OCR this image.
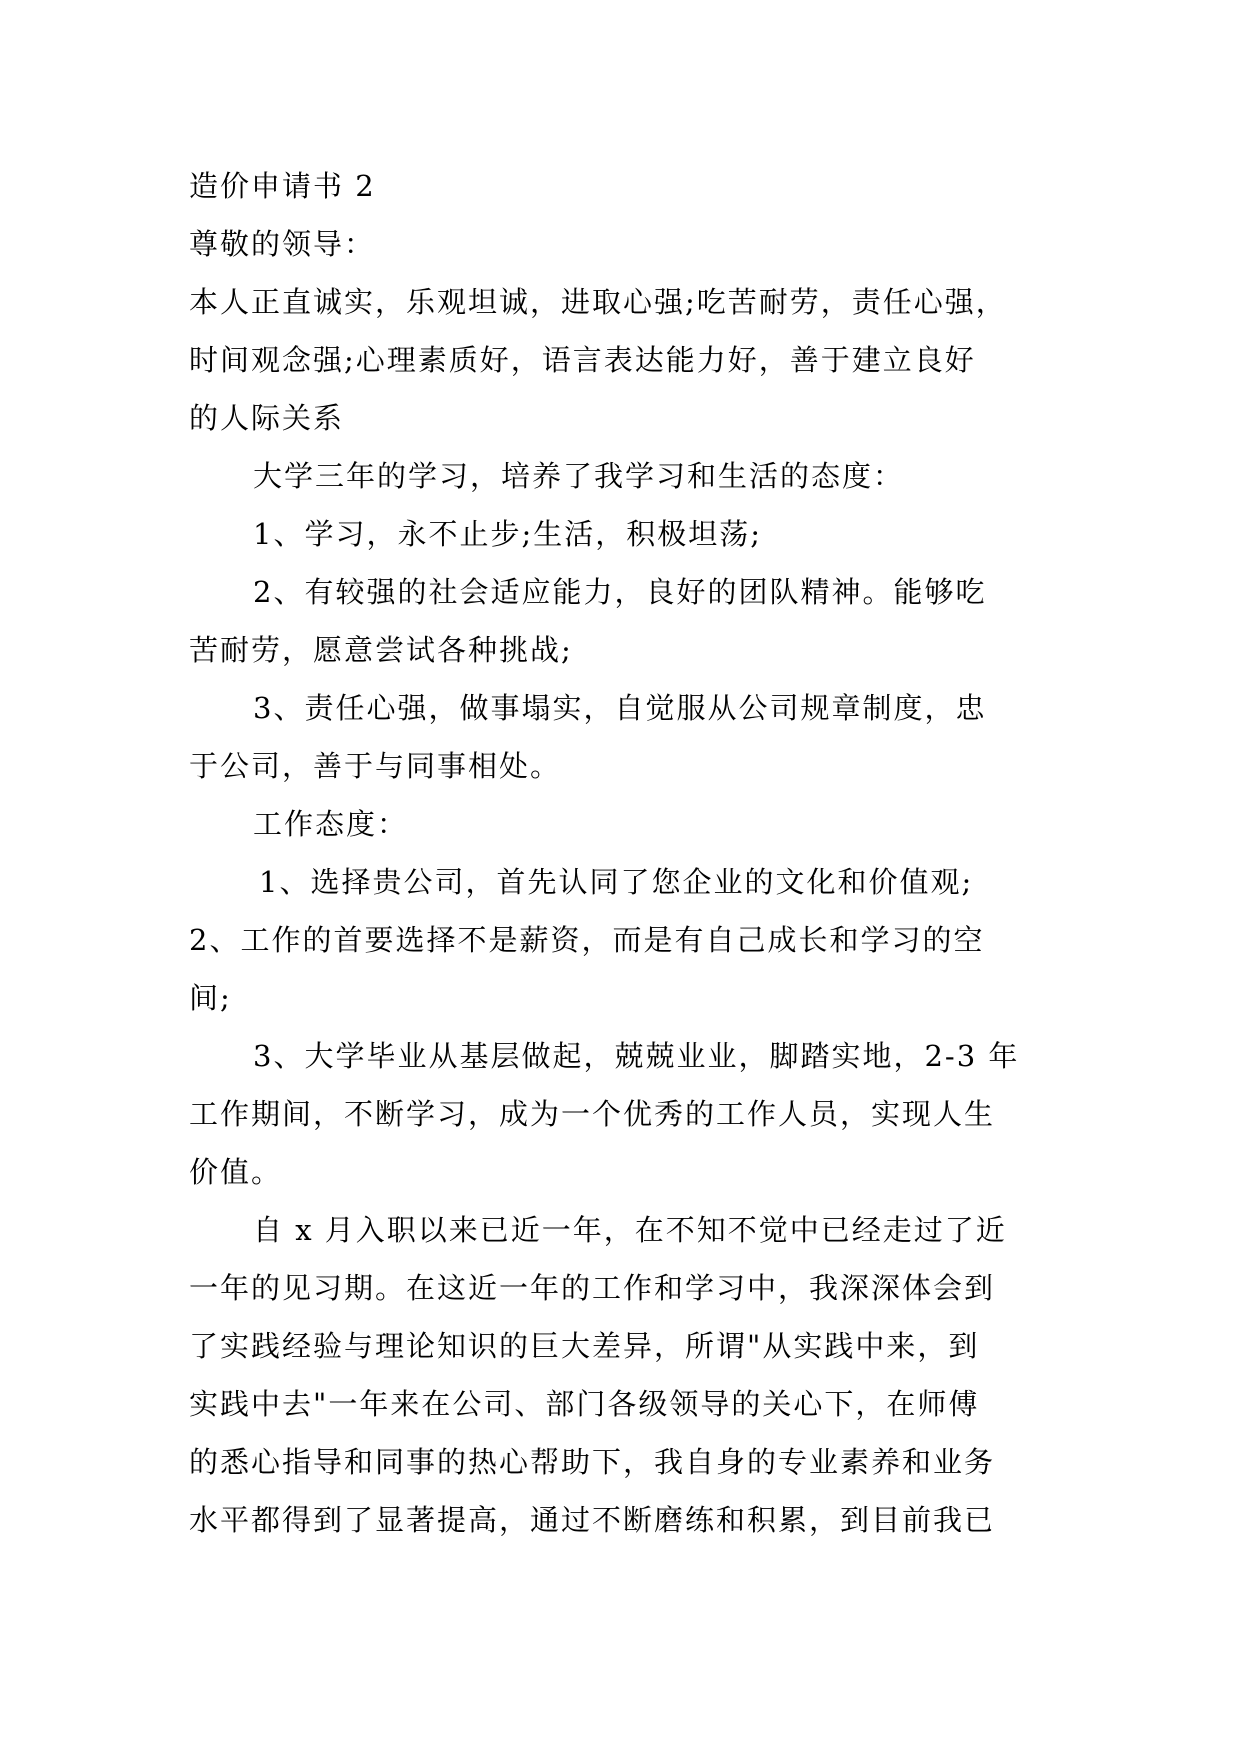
造价申请书 2
尊敬的领导：
本人正直诚实，乐观坦诚，进取心强;吃苦耐劳，责任心强，
时间观念强;心理素质好，语言表达能力好，善于建立良好
的人际关系
大学三年的学习，培养了我学习和生活的态度：
1、学习，永不止步;生活，积极坦荡;
2、有较强的社会适应能力，良好的团队精神。能够吃
苦耐劳，愿意尝试各种挑战;
3、责任心强，做事塌实，自觉服从公司规章制度，忠
于公司，善于与同事相处。
工作态度：
1、选择贵公司，首先认同了您企业的文化和价值观;
2、工作的首要选择不是薪资，而是有自己成长和学习的空
间;
3、大学毕业从基层做起，兢兢业业，脚踏实地，2-3 年
工作期间，不断学习，成为一个优秀的工作人员，实现人生
价值。
自 x 月入职以来已近一年，在不知不觉中已经走过了近
一年的见习期。在这近一年的工作和学习中，我深深体会到
了实践经验与理论知识的巨大差异，所谓"从实践中来，到
实践中去"一年来在公司、部门各级领导的关心下，在师傅
的悉心指导和同事的热心帮助下，我自身的专业素养和业务
水平都得到了显著提高，通过不断磨练和积累，到目前我已
